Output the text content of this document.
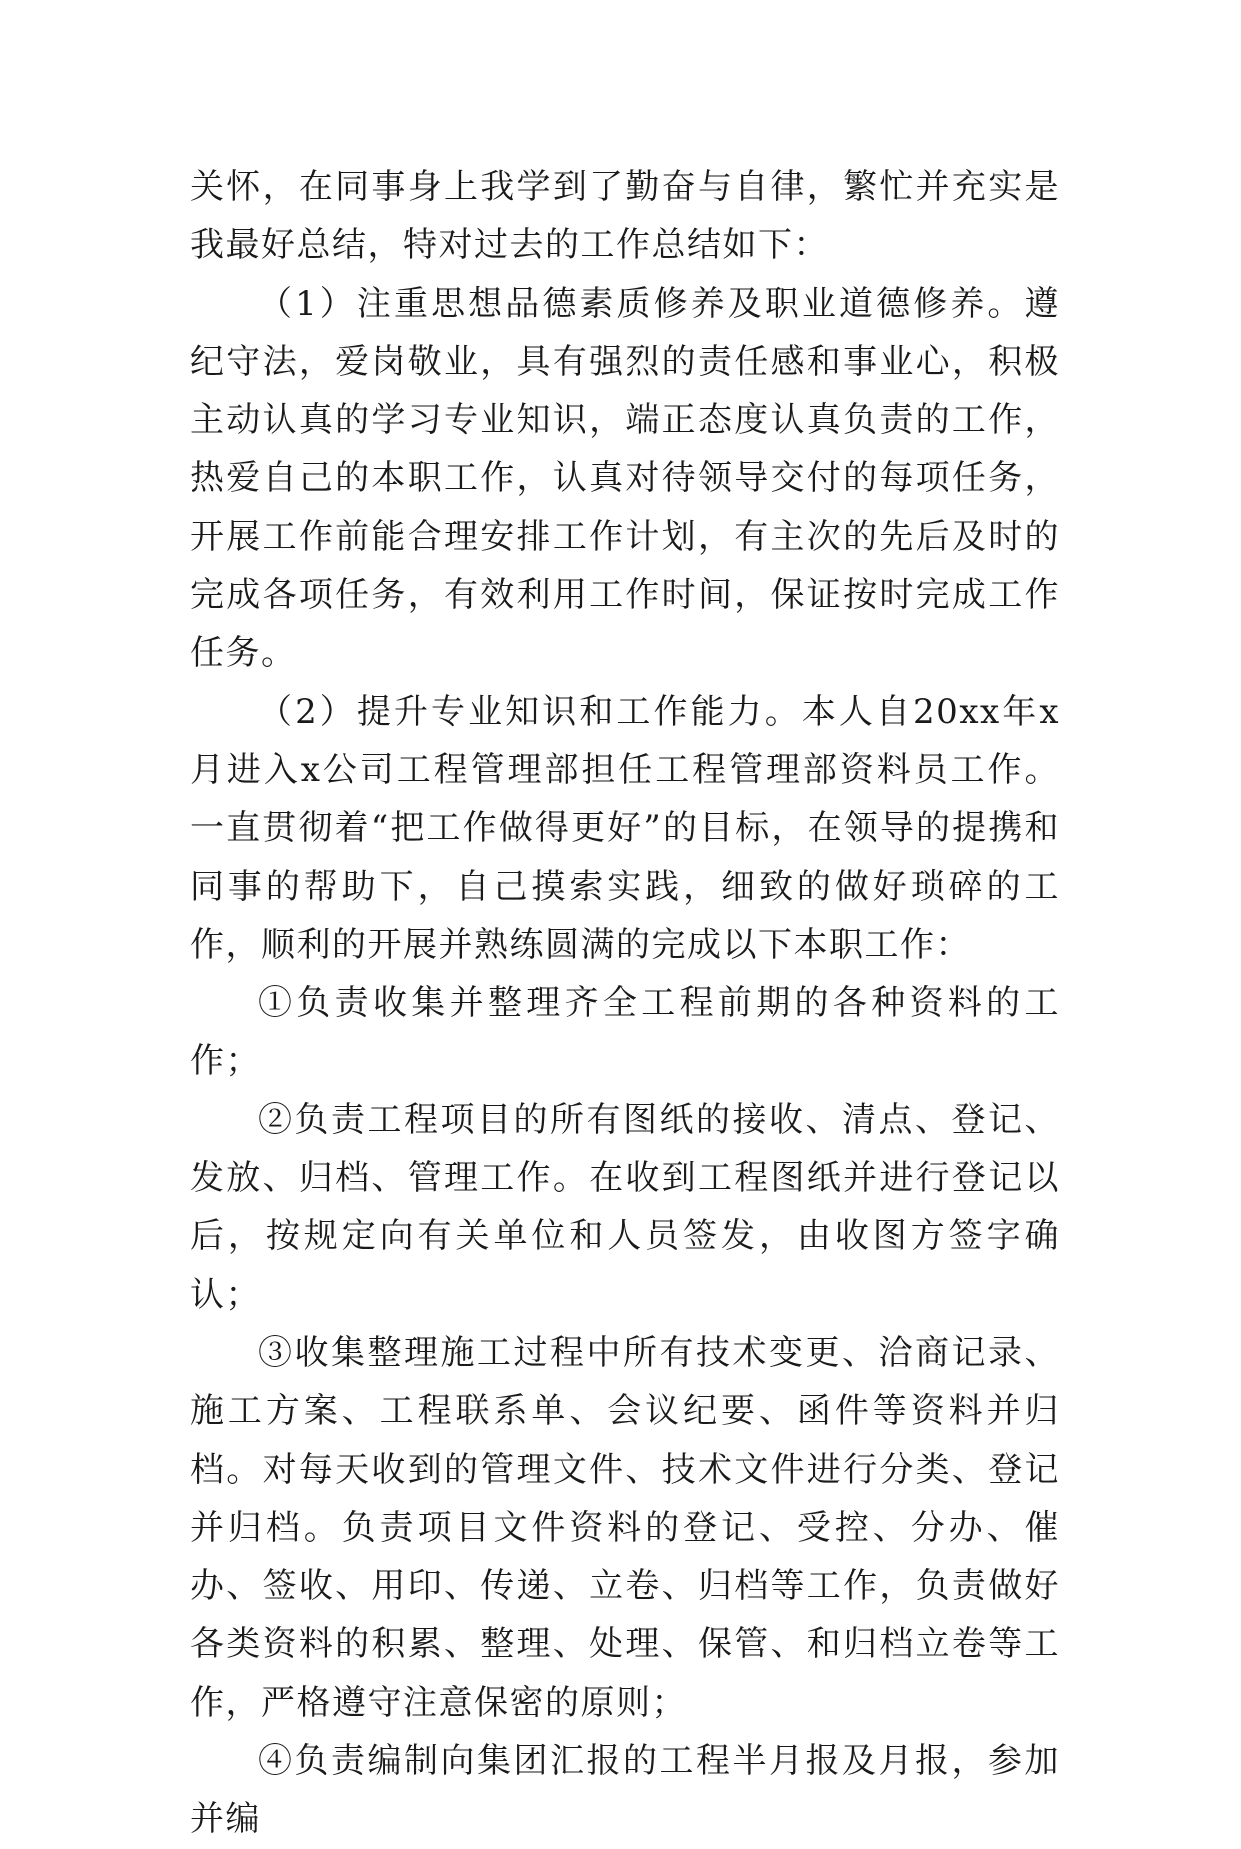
关怀，在同事身上我学到了勤奋与自律，繁忙并充实是我最好总结，特对过去的工作总结如下：

（1）注重思想品德素质修养及职业道德修养。遵纪守法，爱岗敬业，具有强烈的责任感和事业心，积极主动认真的学习专业知识，端正态度认真负责的工作，热爱自己的本职工作，认真对待领导交付的每项任务，开展工作前能合理安排工作计划，有主次的先后及时的完成各项任务，有效利用工作时间，保证按时完成工作任务。

（2）提升专业知识和工作能力。本人自20xx年x月进入x公司工程管理部担任工程管理部资料员工作。一直贯彻着“把工作做得更好”的目标，在领导的提携和同事的帮助下，自己摸索实践，细致的做好琐碎的工作，顺利的开展并熟练圆满的完成以下本职工作：

①负责收集并整理齐全工程前期的各种资料的工作；

②负责工程项目的所有图纸的接收、清点、登记、发放、归档、管理工作。在收到工程图纸并进行登记以后，按规定向有关单位和人员签发，由收图方签字确认；

③收集整理施工过程中所有技术变更、洽商记录、施工方案、工程联系单、会议纪要、函件等资料并归档。对每天收到的管理文件、技术文件进行分类、登记并归档。负责项目文件资料的登记、受控、分办、催办、签收、用印、传递、立卷、归档等工作，负责做好各类资料的积累、整理、处理、保管、和归档立卷等工作，严格遵守注意保密的原则；

④负责编制向集团汇报的工程半月报及月报，参加并编
